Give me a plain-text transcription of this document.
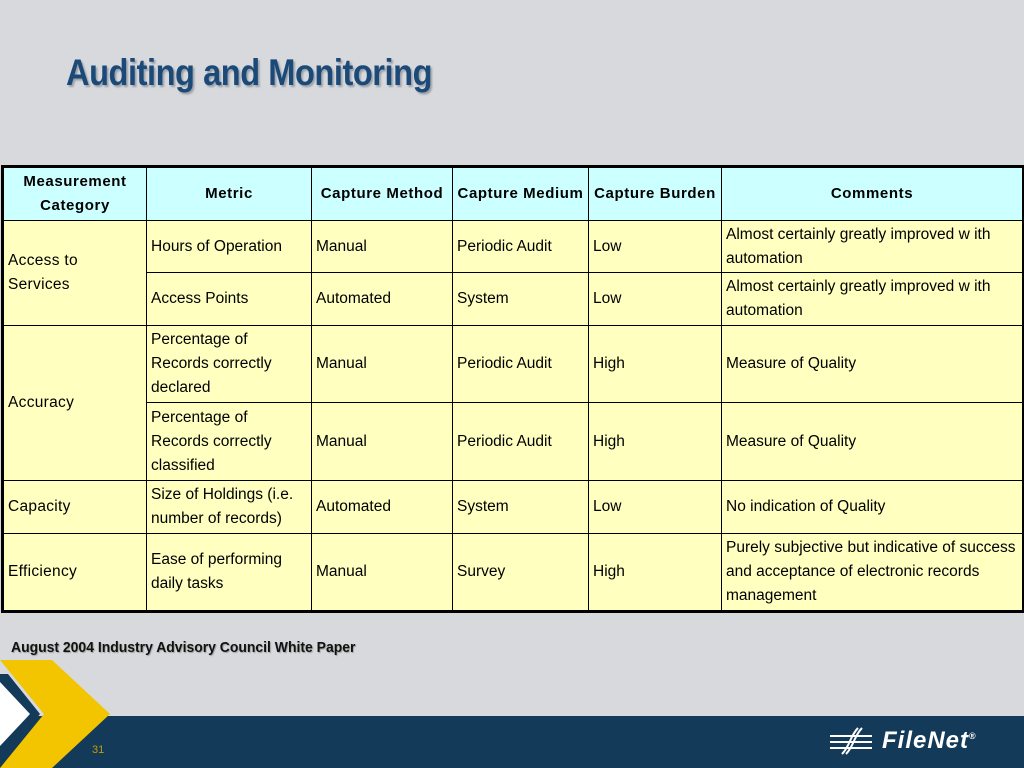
Auditing and Monitoring
Measurement Category	Metric	Capture Method	Capture Medium	Capture Burden	Comments
Access to Services	Hours of Operation	Manual	Periodic Audit	Low	Almost certainly greatly improved w ith automation
	Access Points	Automated	System	Low	Almost certainly greatly improved w ith automation
Accuracy	Percentage of Records correctly declared	Manual	Periodic Audit	High	Measure of Quality
	Percentage of Records correctly classified	Manual	Periodic Audit	High	Measure of Quality
Capacity	Size of Holdings (i.e. number of records)	Automated	System	Low	No indication of Quality
Efficiency	Ease of performing daily tasks	Manual	Survey	High	Purely subjective but indicative of success and acceptance of electronic records management
August 2004 Industry Advisory Council White Paper
31	FileNet®
